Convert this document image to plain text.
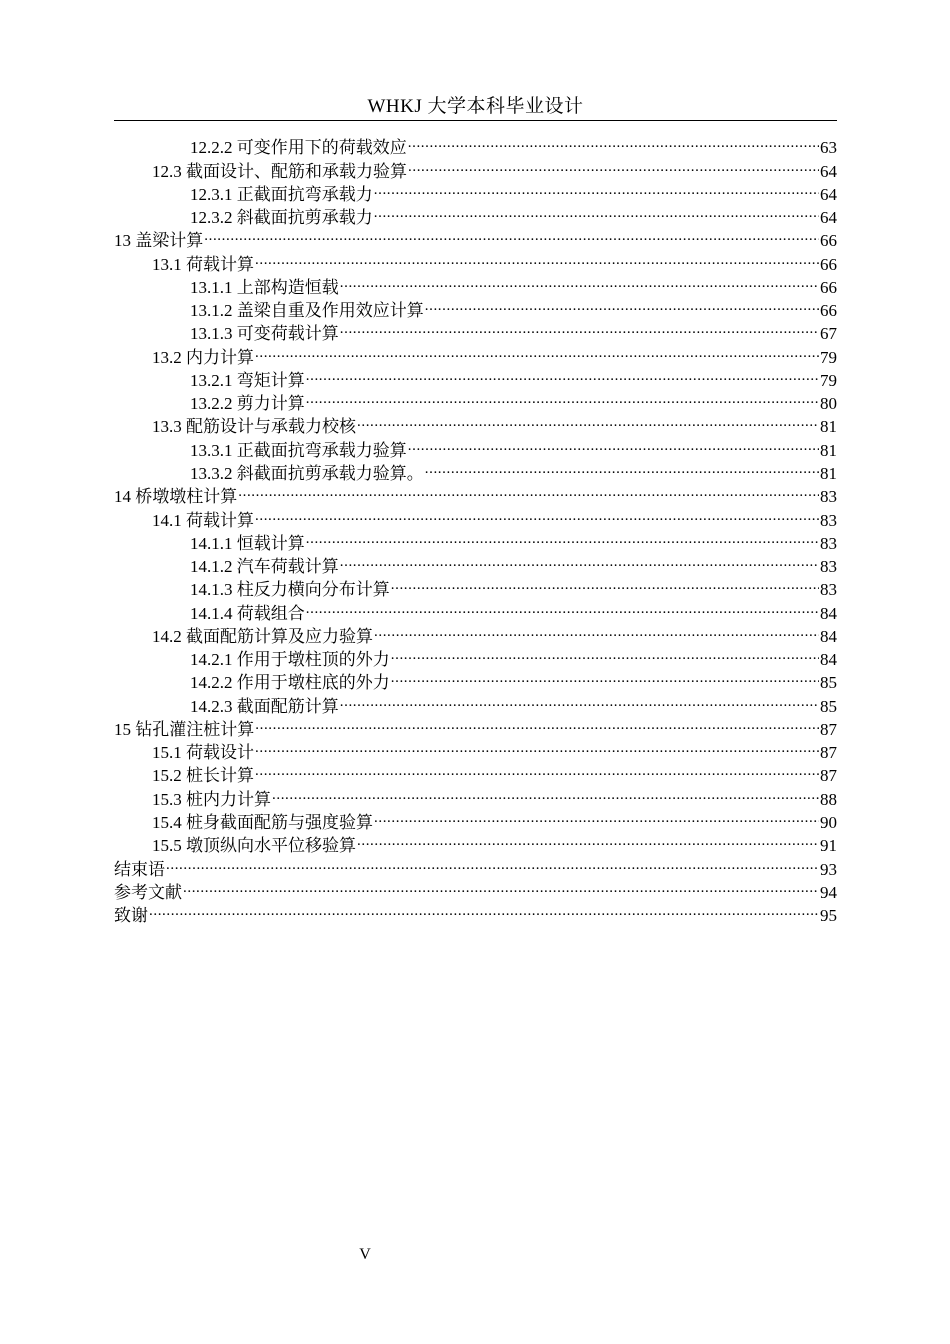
WHKJ 大学本科毕业设计
12.2.2 可变作用下的荷载效应 .....	63
12.3 截面设计、配筋和承载力验算 .....	64
12.3.1 正截面抗弯承载力 .....	64
12.3.2 斜截面抗剪承载力 .....	64
13 盖梁计算 .....	66
13.1 荷载计算 .....	66
13.1.1 上部构造恒载 .....	66
13.1.2 盖梁自重及作用效应计算 .....	66
13.1.3 可变荷载计算 .....	67
13.2 内力计算 .....	79
13.2.1 弯矩计算 .....	79
13.2.2 剪力计算 .....	80
13.3 配筋设计与承载力校核 .....	81
13.3.1 正截面抗弯承载力验算 .....	81
13.3.2 斜截面抗剪承载力验算。 .....	81
14 桥墩墩柱计算 .....	83
14.1 荷载计算 .....	83
14.1.1 恒载计算 .....	83
14.1.2 汽车荷载计算 .....	83
14.1.3 柱反力横向分布计算 .....	83
14.1.4 荷载组合 .....	84
14.2 截面配筋计算及应力验算 .....	84
14.2.1 作用于墩柱顶的外力 .....	84
14.2.2 作用于墩柱底的外力 .....	85
14.2.3 截面配筋计算 .....	85
15 钻孔灌注桩计算 .....	87
15.1 荷载设计 .....	87
15.2 桩长计算 .....	87
15.3 桩内力计算 .....	88
15.4 桩身截面配筋与强度验算 .....	90
15.5 墩顶纵向水平位移验算 .....	91
结束语 .....	93
参考文献 .....	94
致谢 .....	95
V
